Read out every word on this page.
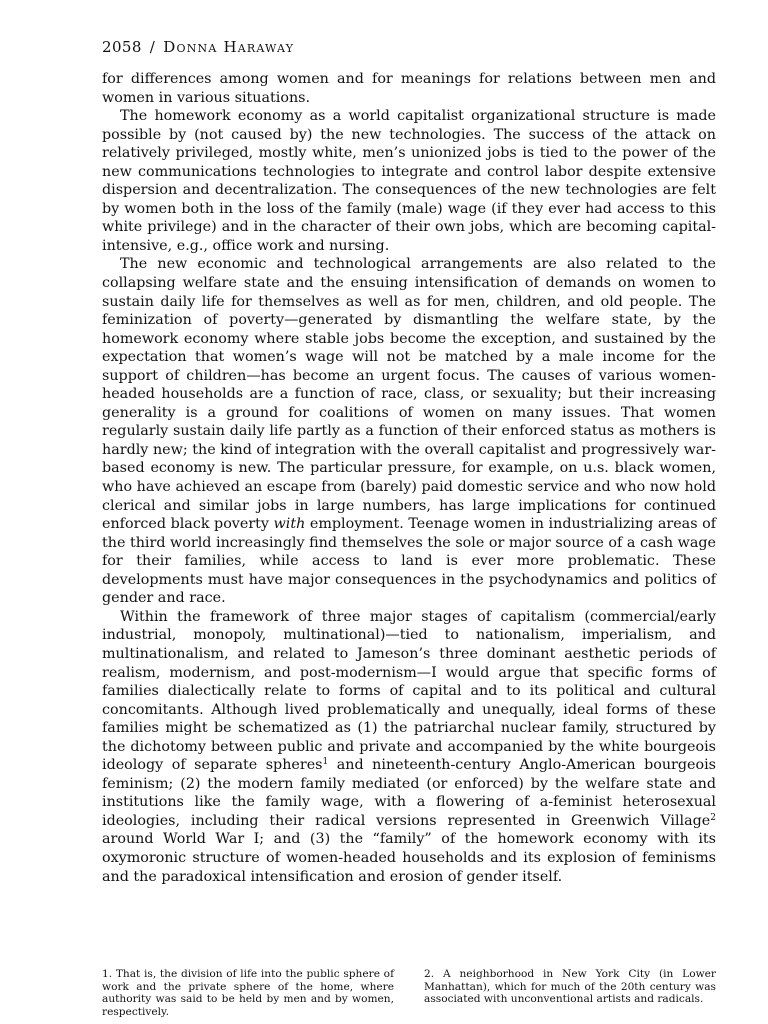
2058 / Donna Haraway

for differences among women and for meanings for relations between men and women in various situations.

The homework economy as a world capitalist organizational structure is made possible by (not caused by) the new technologies. The success of the attack on relatively privileged, mostly white, men’s unionized jobs is tied to the power of the new communications technologies to integrate and control labor despite extensive dispersion and decentralization. The consequences of the new technologies are felt by women both in the loss of the family (male) wage (if they ever had access to this white privilege) and in the character of their own jobs, which are becoming capital-intensive, e.g., office work and nursing.

The new economic and technological arrangements are also related to the collapsing welfare state and the ensuing intensification of demands on women to sustain daily life for themselves as well as for men, children, and old people. The feminization of poverty—generated by dismantling the welfare state, by the homework economy where stable jobs become the exception, and sustained by the expectation that women’s wage will not be matched by a male income for the support of children—has become an urgent focus. The causes of various women-headed households are a function of race, class, or sexuality; but their increasing generality is a ground for coalitions of women on many issues. That women regularly sustain daily life partly as a function of their enforced status as mothers is hardly new; the kind of integration with the overall capitalist and progressively war-based economy is new. The particular pressure, for example, on u.s. black women, who have achieved an escape from (barely) paid domestic service and who now hold clerical and similar jobs in large numbers, has large implications for continued enforced black poverty with employment. Teenage women in industrializing areas of the third world increasingly find themselves the sole or major source of a cash wage for their families, while access to land is ever more problematic. These developments must have major consequences in the psychodynamics and politics of gender and race.

Within the framework of three major stages of capitalism (commercial/early industrial, monopoly, multinational)—tied to nationalism, imperialism, and multinationalism, and related to Jameson’s three dominant aesthetic periods of realism, modernism, and post-modernism—I would argue that specific forms of families dialectically relate to forms of capital and to its political and cultural concomitants. Although lived problematically and unequally, ideal forms of these families might be schematized as (1) the patriarchal nuclear family, structured by the dichotomy between public and private and accompanied by the white bourgeois ideology of separate spheres$^1$ and nineteenth-century Anglo-American bourgeois feminism; (2) the modern family mediated (or enforced) by the welfare state and institutions like the family wage, with a flowering of a-feminist heterosexual ideologies, including their radical versions represented in Greenwich Village$^2$ around World War I; and (3) the “family” of the homework economy with its oxymoronic structure of women-headed households and its explosion of feminisms and the paradoxical intensification and erosion of gender itself.

1. That is, the division of life into the public sphere of work and the private sphere of the home, where authority was said to be held by men and by women, respectively.

2. A neighborhood in New York City (in Lower Manhattan), which for much of the 20th century was associated with unconventional artists and radicals.
